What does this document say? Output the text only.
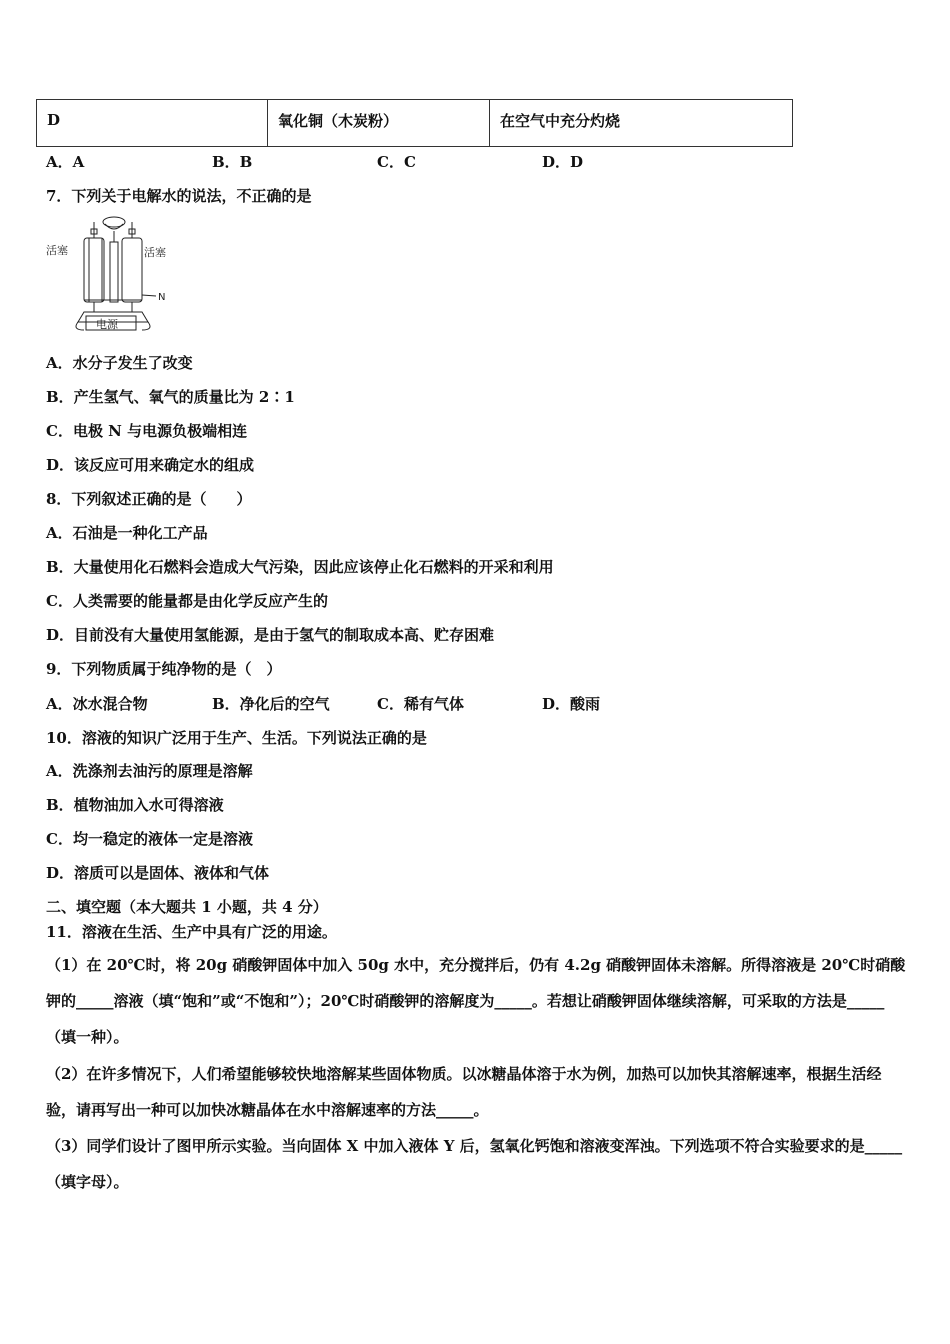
D	氧化铜（木炭粉）	在空气中充分灼烧
A．A	B．B	C．C	D．D
7．下列关于电解水的说法，不正确的是
活塞	活塞
N
电源
A．水分子发生了改变
B．产生氢气、氧气的质量比为 2∶1
C．电极 N 与电源负极端相连
D．该反应可用来确定水的组成
8．下列叙述正确的是（　　）
A．石油是一种化工产品
B．大量使用化石燃料会造成大气污染，因此应该停止化石燃料的开采和利用
C．人类需要的能量都是由化学反应产生的
D．目前没有大量使用氢能源，是由于氢气的制取成本高、贮存困难
9．下列物质属于纯净物的是（　）
A．冰水混合物	B．净化后的空气	C．稀有气体	D．酸雨
10．溶液的知识广泛用于生产、生活。下列说法正确的是
A．洗涤剂去油污的原理是溶解
B．植物油加入水可得溶液
C．均一稳定的液体一定是溶液
D．溶质可以是固体、液体和气体
二、填空题（本大题共 1 小题，共 4 分）
11．溶液在生活、生产中具有广泛的用途。
（1）在 20℃时，将 20g 硝酸钾固体中加入 50g 水中，充分搅拌后，仍有 4.2g 硝酸钾固体未溶解。所得溶液是 20℃时硝酸钾的_____溶液（填“饱和”或“不饱和”）；20℃时硝酸钾的溶解度为_____。若想让硝酸钾固体继续溶解，可采取的方法是_____（填一种）。
（2）在许多情况下，人们希望能够较快地溶解某些固体物质。以冰糖晶体溶于水为例，加热可以加快其溶解速率，根据生活经验，请再写出一种可以加快冰糖晶体在水中溶解速率的方法_____。
（3）同学们设计了图甲所示实验。当向固体 X 中加入液体 Y 后，氢氧化钙饱和溶液变浑浊。下列选项不符合实验要求的是_____（填字母）。
